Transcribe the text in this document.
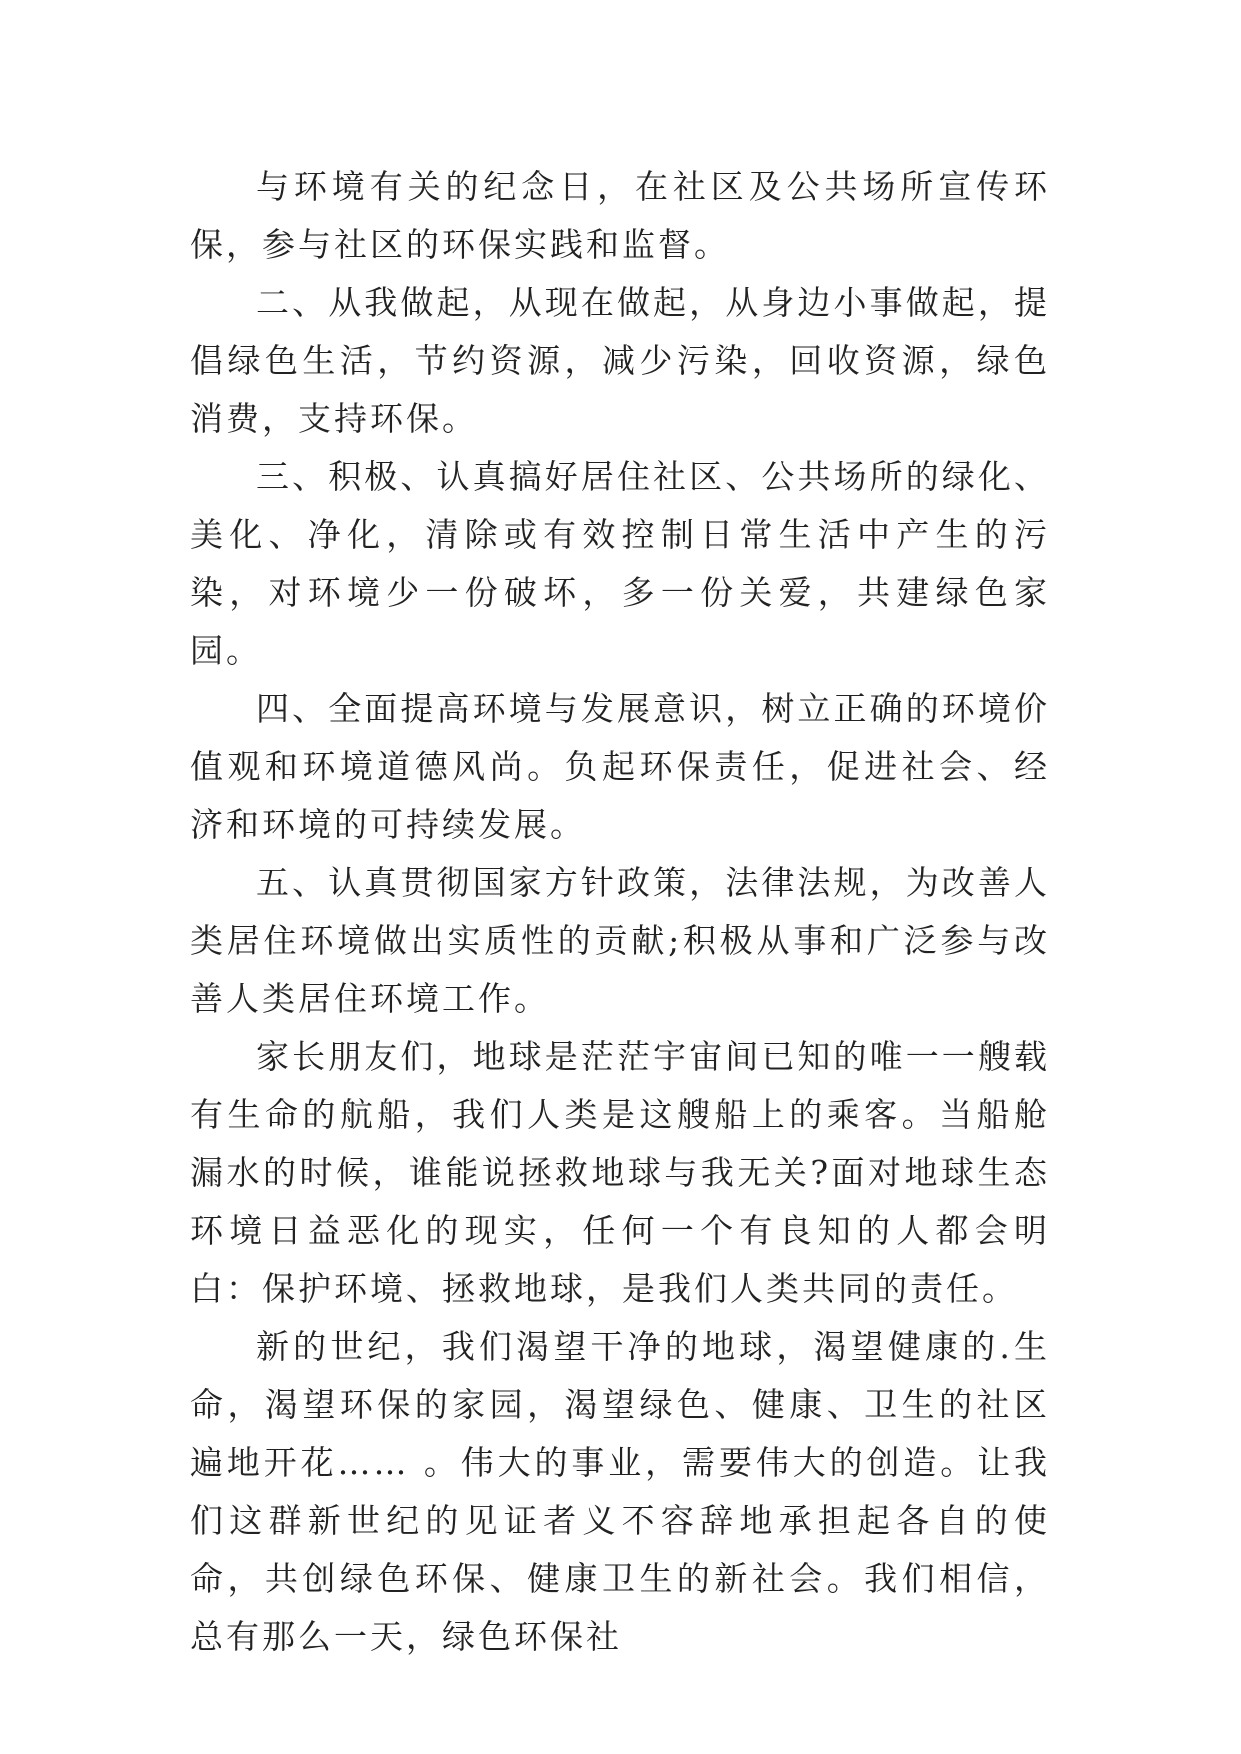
与环境有关的纪念日，在社区及公共场所宣传环保，参与社区的环保实践和监督。

二、从我做起，从现在做起，从身边小事做起，提倡绿色生活，节约资源，减少污染，回收资源，绿色消费，支持环保。

三、积极、认真搞好居住社区、公共场所的绿化、美化、净化，清除或有效控制日常生活中产生的污染，对环境少一份破坏，多一份关爱，共建绿色家园。

四、全面提高环境与发展意识，树立正确的环境价值观和环境道德风尚。负起环保责任，促进社会、经济和环境的可持续发展。

五、认真贯彻国家方针政策，法律法规，为改善人类居住环境做出实质性的贡献;积极从事和广泛参与改善人类居住环境工作。

家长朋友们，地球是茫茫宇宙间已知的唯一一艘载有生命的航船，我们人类是这艘船上的乘客。当船舱漏水的时候，谁能说拯救地球与我无关?面对地球生态环境日益恶化的现实，任何一个有良知的人都会明白：保护环境、拯救地球，是我们人类共同的责任。

新的世纪，我们渴望干净的地球，渴望健康的.生命，渴望环保的家园，渴望绿色、健康、卫生的社区遍地开花…… 。伟大的事业，需要伟大的创造。让我们这群新世纪的见证者义不容辞地承担起各自的使命，共创绿色环保、健康卫生的新社会。我们相信，总有那么一天，绿色环保社
